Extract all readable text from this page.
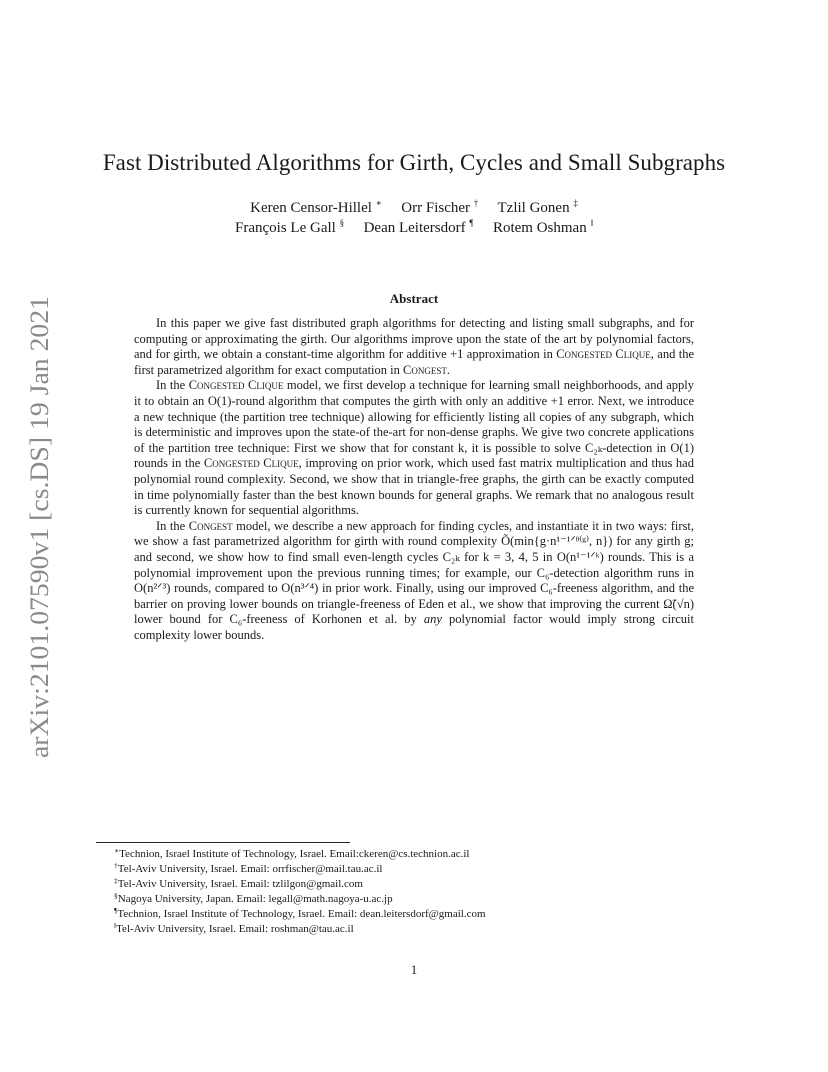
arXiv:2101.07590v1 [cs.DS] 19 Jan 2021
Fast Distributed Algorithms for Girth, Cycles and Small Subgraphs
Keren Censor-Hillel ∗ Orr Fischer † Tzlil Gonen ‡
François Le Gall § Dean Leitersdorf ¶ Rotem Oshman ‖
Abstract

In this paper we give fast distributed graph algorithms for detecting and listing small subgraphs, and for computing or approximating the girth. Our algorithms improve upon the state of the art by polynomial factors, and for girth, we obtain a constant-time algorithm for additive +1 approximation in Congested Clique, and the first parametrized algorithm for exact computation in Congest.

In the Congested Clique model, we first develop a technique for learning small neighborhoods, and apply it to obtain an O(1)-round algorithm that computes the girth with only an additive +1 error. Next, we introduce a new technique (the partition tree technique) allowing for efficiently listing all copies of any subgraph, which is deterministic and improves upon the state-of the-art for non-dense graphs. We give two concrete applications of the partition tree technique: First we show that for constant k, it is possible to solve C₂ₖ-detection in O(1) rounds in the Congested Clique, improving on prior work, which used fast matrix multiplication and thus had polynomial round complexity. Second, we show that in triangle-free graphs, the girth can be exactly computed in time polynomially faster than the best known bounds for general graphs. We remark that no analogous result is currently known for sequential algorithms.

In the Congest model, we describe a new approach for finding cycles, and instantiate it in two ways: first, we show a fast parametrized algorithm for girth with round complexity Õ(min{g·n¹⁻¹ᐟᶿ⁽ᵍ⁾, n}) for any girth g; and second, we show how to find small even-length cycles C₂ₖ for k = 3, 4, 5 in O(n¹⁻¹ᐟᵏ) rounds. This is a polynomial improvement upon the previous running times; for example, our C₆-detection algorithm runs in O(n²ᐟ³) rounds, compared to O(n³ᐟ⁴) in prior work. Finally, using our improved C₆-freeness algorithm, and the barrier on proving lower bounds on triangle-freeness of Eden et al., we show that improving the current Ω̃(√n) lower bound for C₆-freeness of Korhonen et al. by any polynomial factor would imply strong circuit complexity lower bounds.

∗Technion, Israel Institute of Technology, Israel. Email:ckeren@cs.technion.ac.il
†Tel-Aviv University, Israel. Email: orrfischer@mail.tau.ac.il
‡Tel-Aviv University, Israel. Email: tzlilgon@gmail.com
§Nagoya University, Japan. Email: legall@math.nagoya-u.ac.jp
¶Technion, Israel Institute of Technology, Israel. Email: dean.leitersdorf@gmail.com
‖Tel-Aviv University, Israel. Email: roshman@tau.ac.il
1
